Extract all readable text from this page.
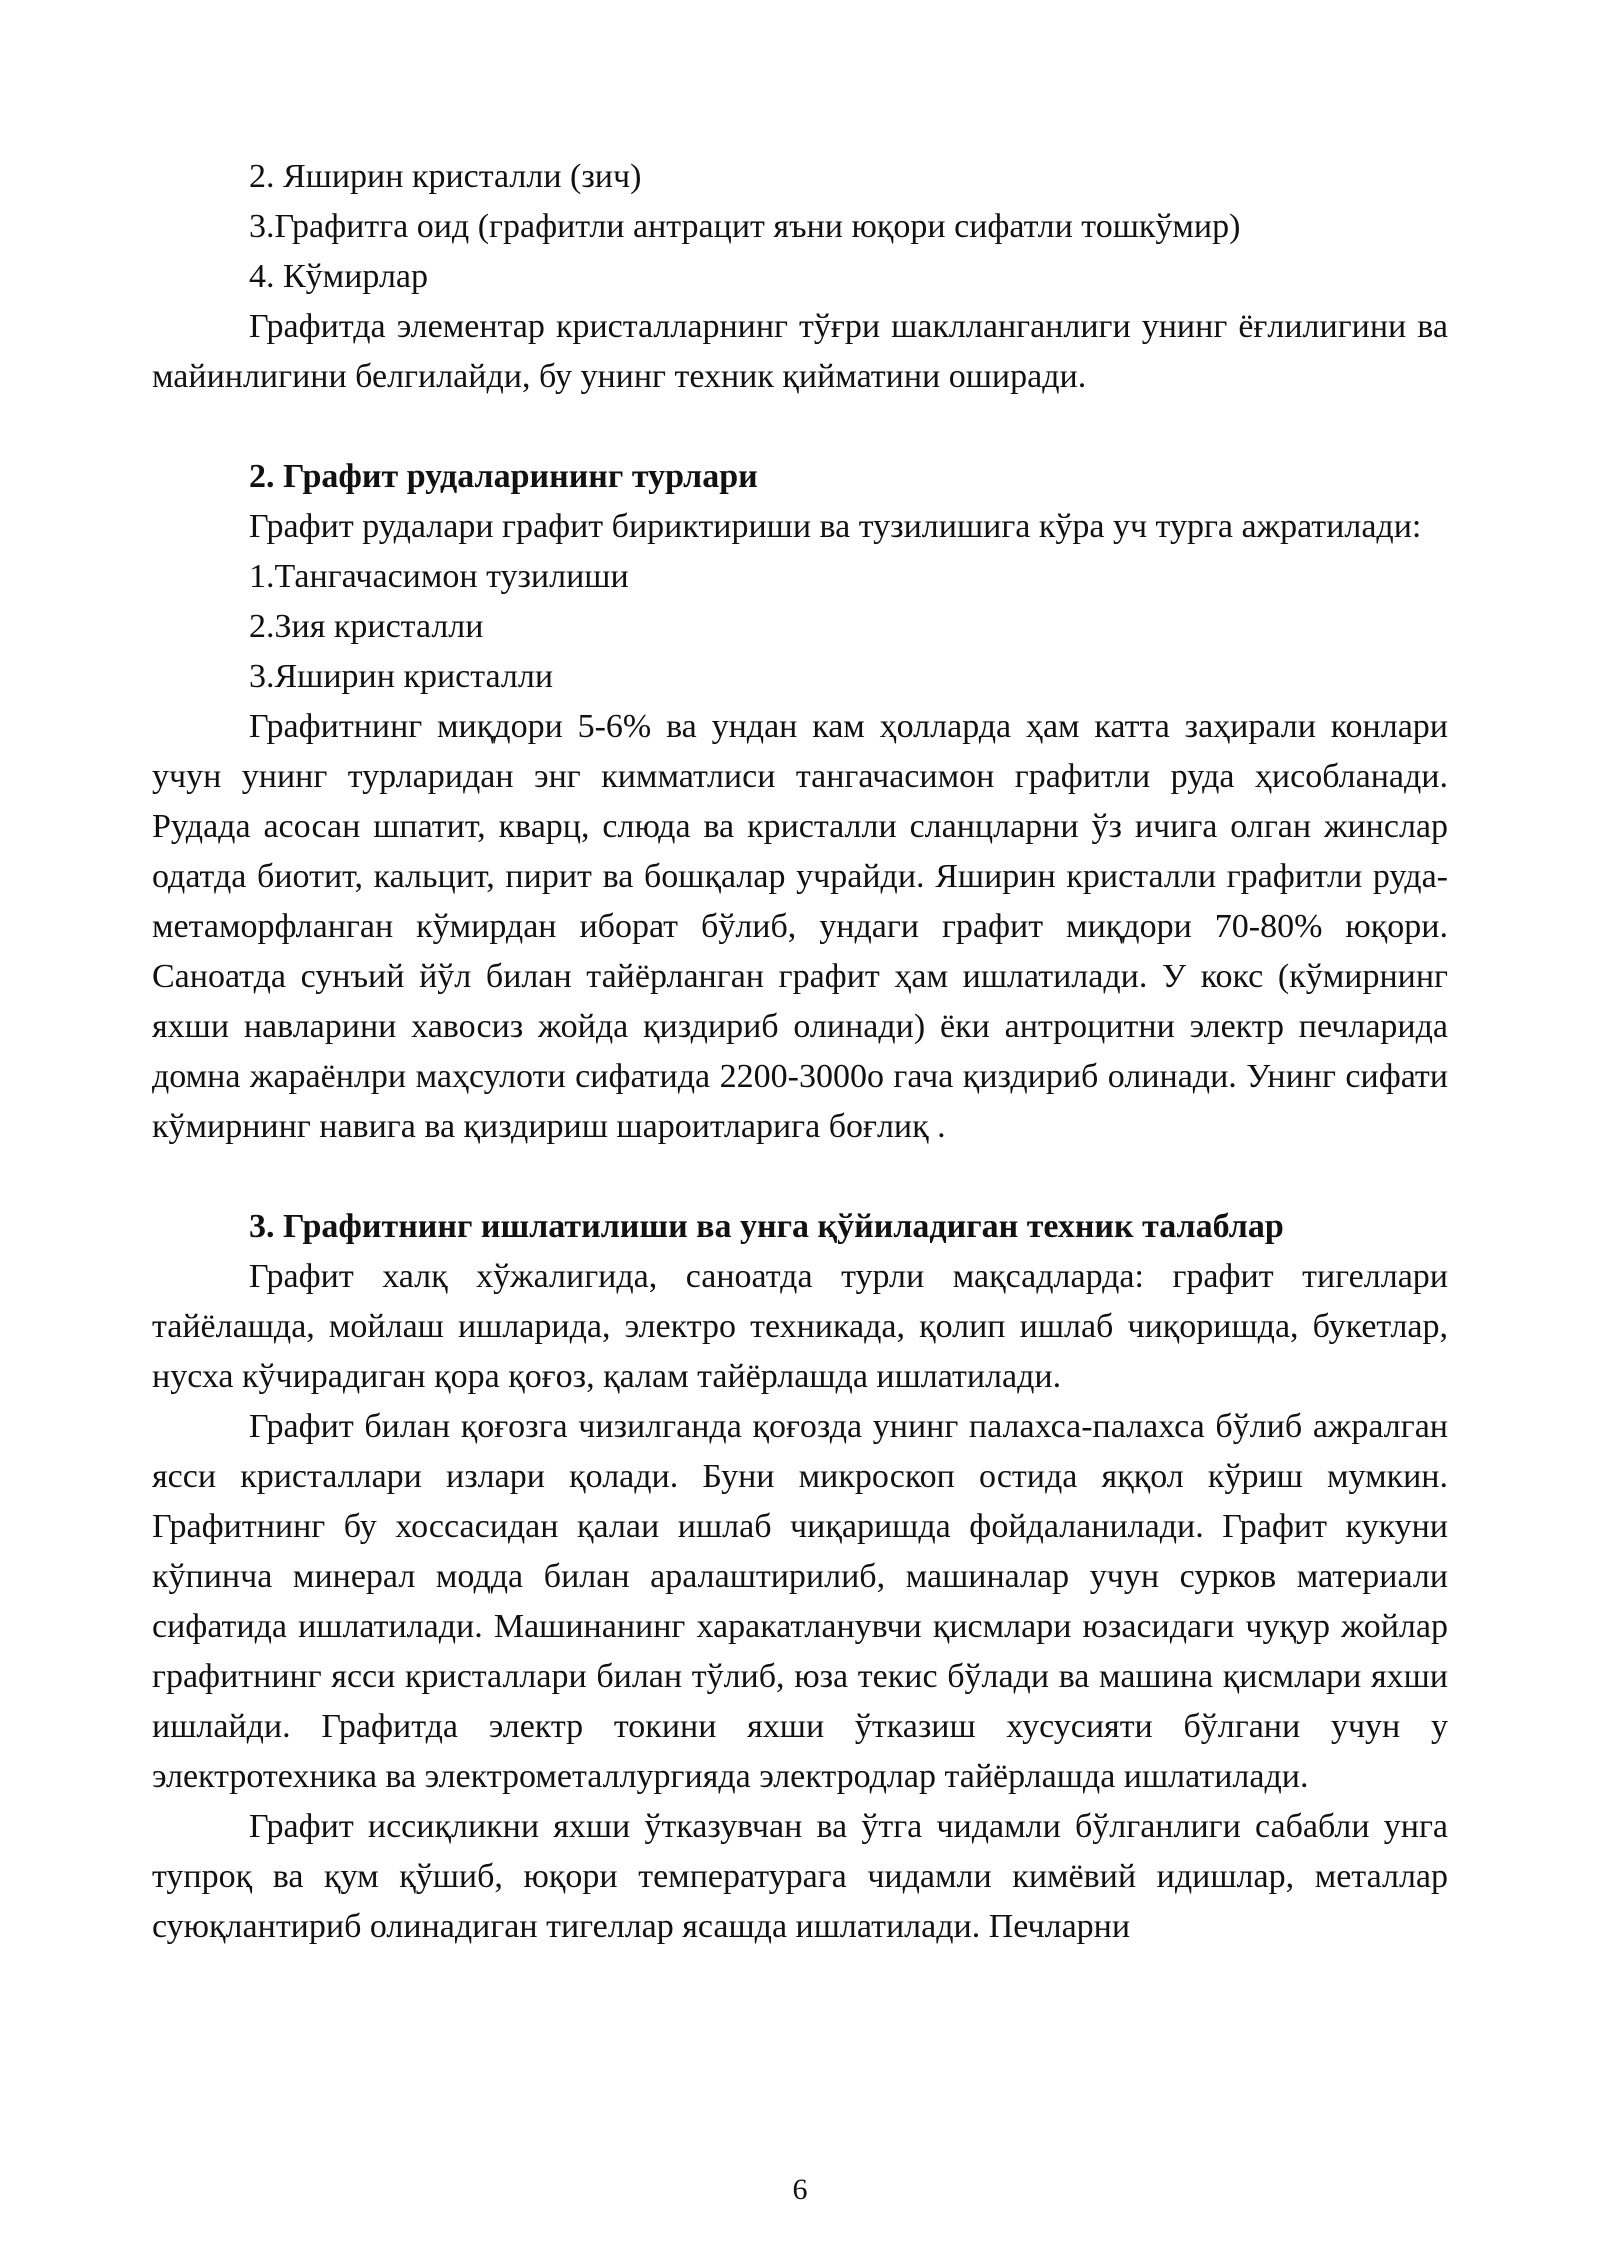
2. Яширин кристалли (зич)
3.Графитга оид (графитли антрацит яъни юқори сифатли тошкўмир)
4. Кўмирлар

Графитда элементар кристалларнинг тўғри шаклланганлиги унинг ёғлилигини ва майинлигини белгилайди, бу унинг техник қийматини оширади.

2. Графит рудаларининг турлари

Графит рудалари графит бириктириши ва тузилишига кўра уч турга ажратилади:

1.Тангачасимон тузилиши
2.Зия кристалли
3.Яширин кристалли

Графитнинг миқдори 5-6% ва ундан кам ҳолларда ҳам катта заҳирали конлари учун унинг турларидан энг кимматлиси тангачасимон графитли руда ҳисобланади. Рудада асосан шпатит, кварц, слюда ва кристалли сланцларни ўз ичига олган жинслар одатда биотит, кальцит, пирит ва бошқалар учрайди. Яширин кристалли графитли руда- метаморфланган кўмирдан иборат бўлиб, ундаги графит миқдори 70-80% юқори. Саноатда сунъий йўл билан тайёрланган графит ҳам ишлатилади. У кокс (кўмирнинг яхши навларини хавосиз жойда қиздириб олинади) ёки антроцитни электр печларида домна жараёнлри маҳсулоти сифатида 2200-3000о гача қиздириб олинади. Унинг сифати кўмирнинг навига ва қиздириш шароитларига боғлиқ .

3. Графитнинг ишлатилиши ва унга қўйиладиган техник талаблар

Графит халқ хўжалигида, саноатда турли мақсадларда: графит тигеллари тайёлашда, мойлаш ишларида, электро техникада, қолип ишлаб чиқоришда, букетлар, нусха кўчирадиган қора қоғоз, қалам тайёрлашда ишлатилади.

Графит билан қоғозга чизилганда қоғозда унинг палахса-палахса бўлиб ажралган ясси кристаллари излари қолади. Буни микроскоп остида яққол кўриш мумкин. Графитнинг бу хоссасидан қалаи ишлаб чиқаришда фойдаланилади. Графит кукуни кўпинча минерал модда билан аралаштирилиб, машиналар учун сурков материали сифатида ишлатилади. Машинанинг харакатланувчи қисмлари юзасидаги чуқур жойлар графитнинг ясси кристаллари билан тўлиб, юза текис бўлади ва машина қисмлари яхши ишлайди. Графитда электр токини яхши ўтказиш хусусияти бўлгани учун у электротехника ва электрометаллургияда электродлар тайёрлашда ишлатилади.

Графит иссиқликни яхши ўтказувчан ва ўтга чидамли бўлганлиги сабабли унга тупроқ ва қум қўшиб, юқори температурага чидамли кимёвий идишлар, металлар суюқлантириб олинадиган тигеллар ясашда ишлатилади. Печларни

6
